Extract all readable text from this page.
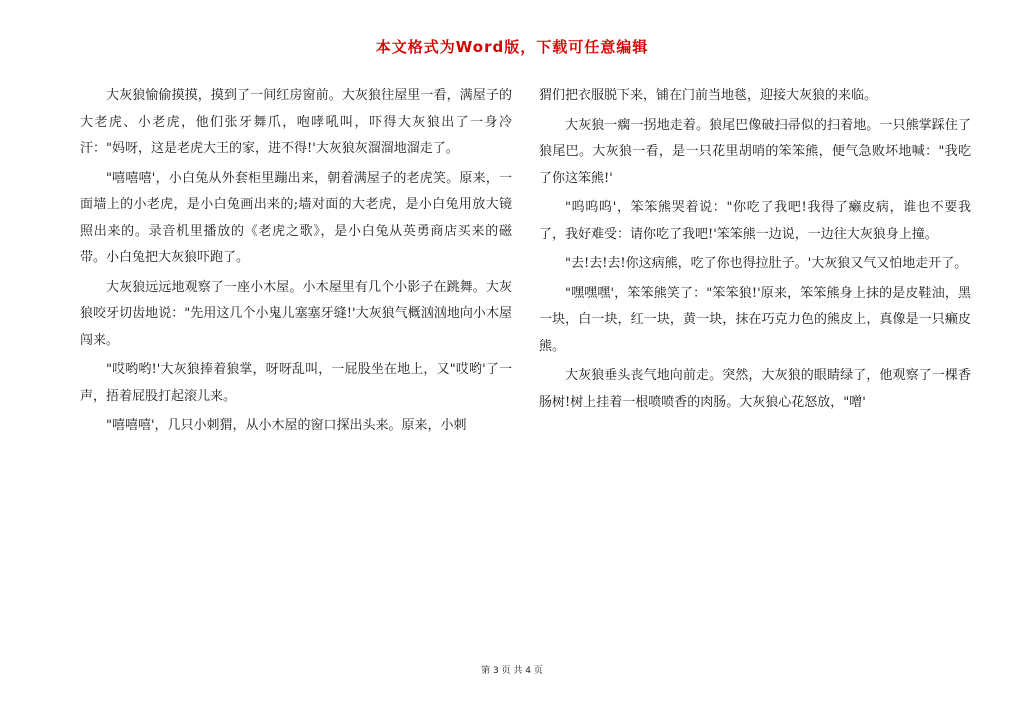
本文格式为Word版，下载可任意编辑

大灰狼愉偷摸摸，摸到了一间红房窗前。大灰狼往屋里一看，满屋子的大老虎、小老虎，他们张牙舞爪，咆哮吼叫，吓得大灰狼出了一身冷汗："妈呀，这是老虎大王的家，进不得!'大灰狼灰溜溜地溜走了。

"嘻嘻嘻'，小白兔从外套柜里蹦出来，朝着满屋子的老虎笑。原来，一面墙上的小老虎，是小白兔画出来的;墙对面的大老虎，是小白兔用放大镜照出来的。录音机里播放的《老虎之歌》，是小白兔从英勇商店买来的磁带。小白兔把大灰狼吓跑了。

大灰狼远远地观察了一座小木屋。小木屋里有几个小影子在跳舞。大灰狼咬牙切齿地说："先用这几个小鬼儿塞塞牙缝!'大灰狼气概汹汹地向小木屋闯来。

"哎哟哟!'大灰狼捧着狼掌，呀呀乱叫，一屁股坐在地上，又"哎哟'了一声，捂着屁股打起滚儿来。

"嘻嘻嘻'，几只小刺猬，从小木屋的窗口探出头来。原来，小刺

猬们把衣服脱下来，铺在门前当地毯，迎接大灰狼的来临。

大灰狼一瘸一拐地走着。狼尾巴像破扫帚似的扫着地。一只熊掌踩住了狼尾巴。大灰狼一看，是一只花里胡哨的笨笨熊，便气急败坏地喊："我吃了你这笨熊!'

"呜呜呜'，笨笨熊哭着说："你吃了我吧!我得了癞皮病，谁也不要我了，我好难受：请你吃了我吧!'笨笨熊一边说，一边往大灰狼身上撞。

"去!去!去!你这病熊，吃了你也得拉肚子。'大灰狼又气又怕地走开了。

"嘿嘿嘿'，笨笨熊笑了："笨笨狼!'原来，笨笨熊身上抹的是皮鞋油，黑一块，白一块，红一块，黄一块，抹在巧克力色的熊皮上，真像是一只癞皮熊。

大灰狼垂头丧气地向前走。突然，大灰狼的眼睛绿了，他观察了一棵香肠树!树上挂着一根喷喷香的肉肠。大灰狼心花怒放，"噌'

第 3 页 共 4 页
